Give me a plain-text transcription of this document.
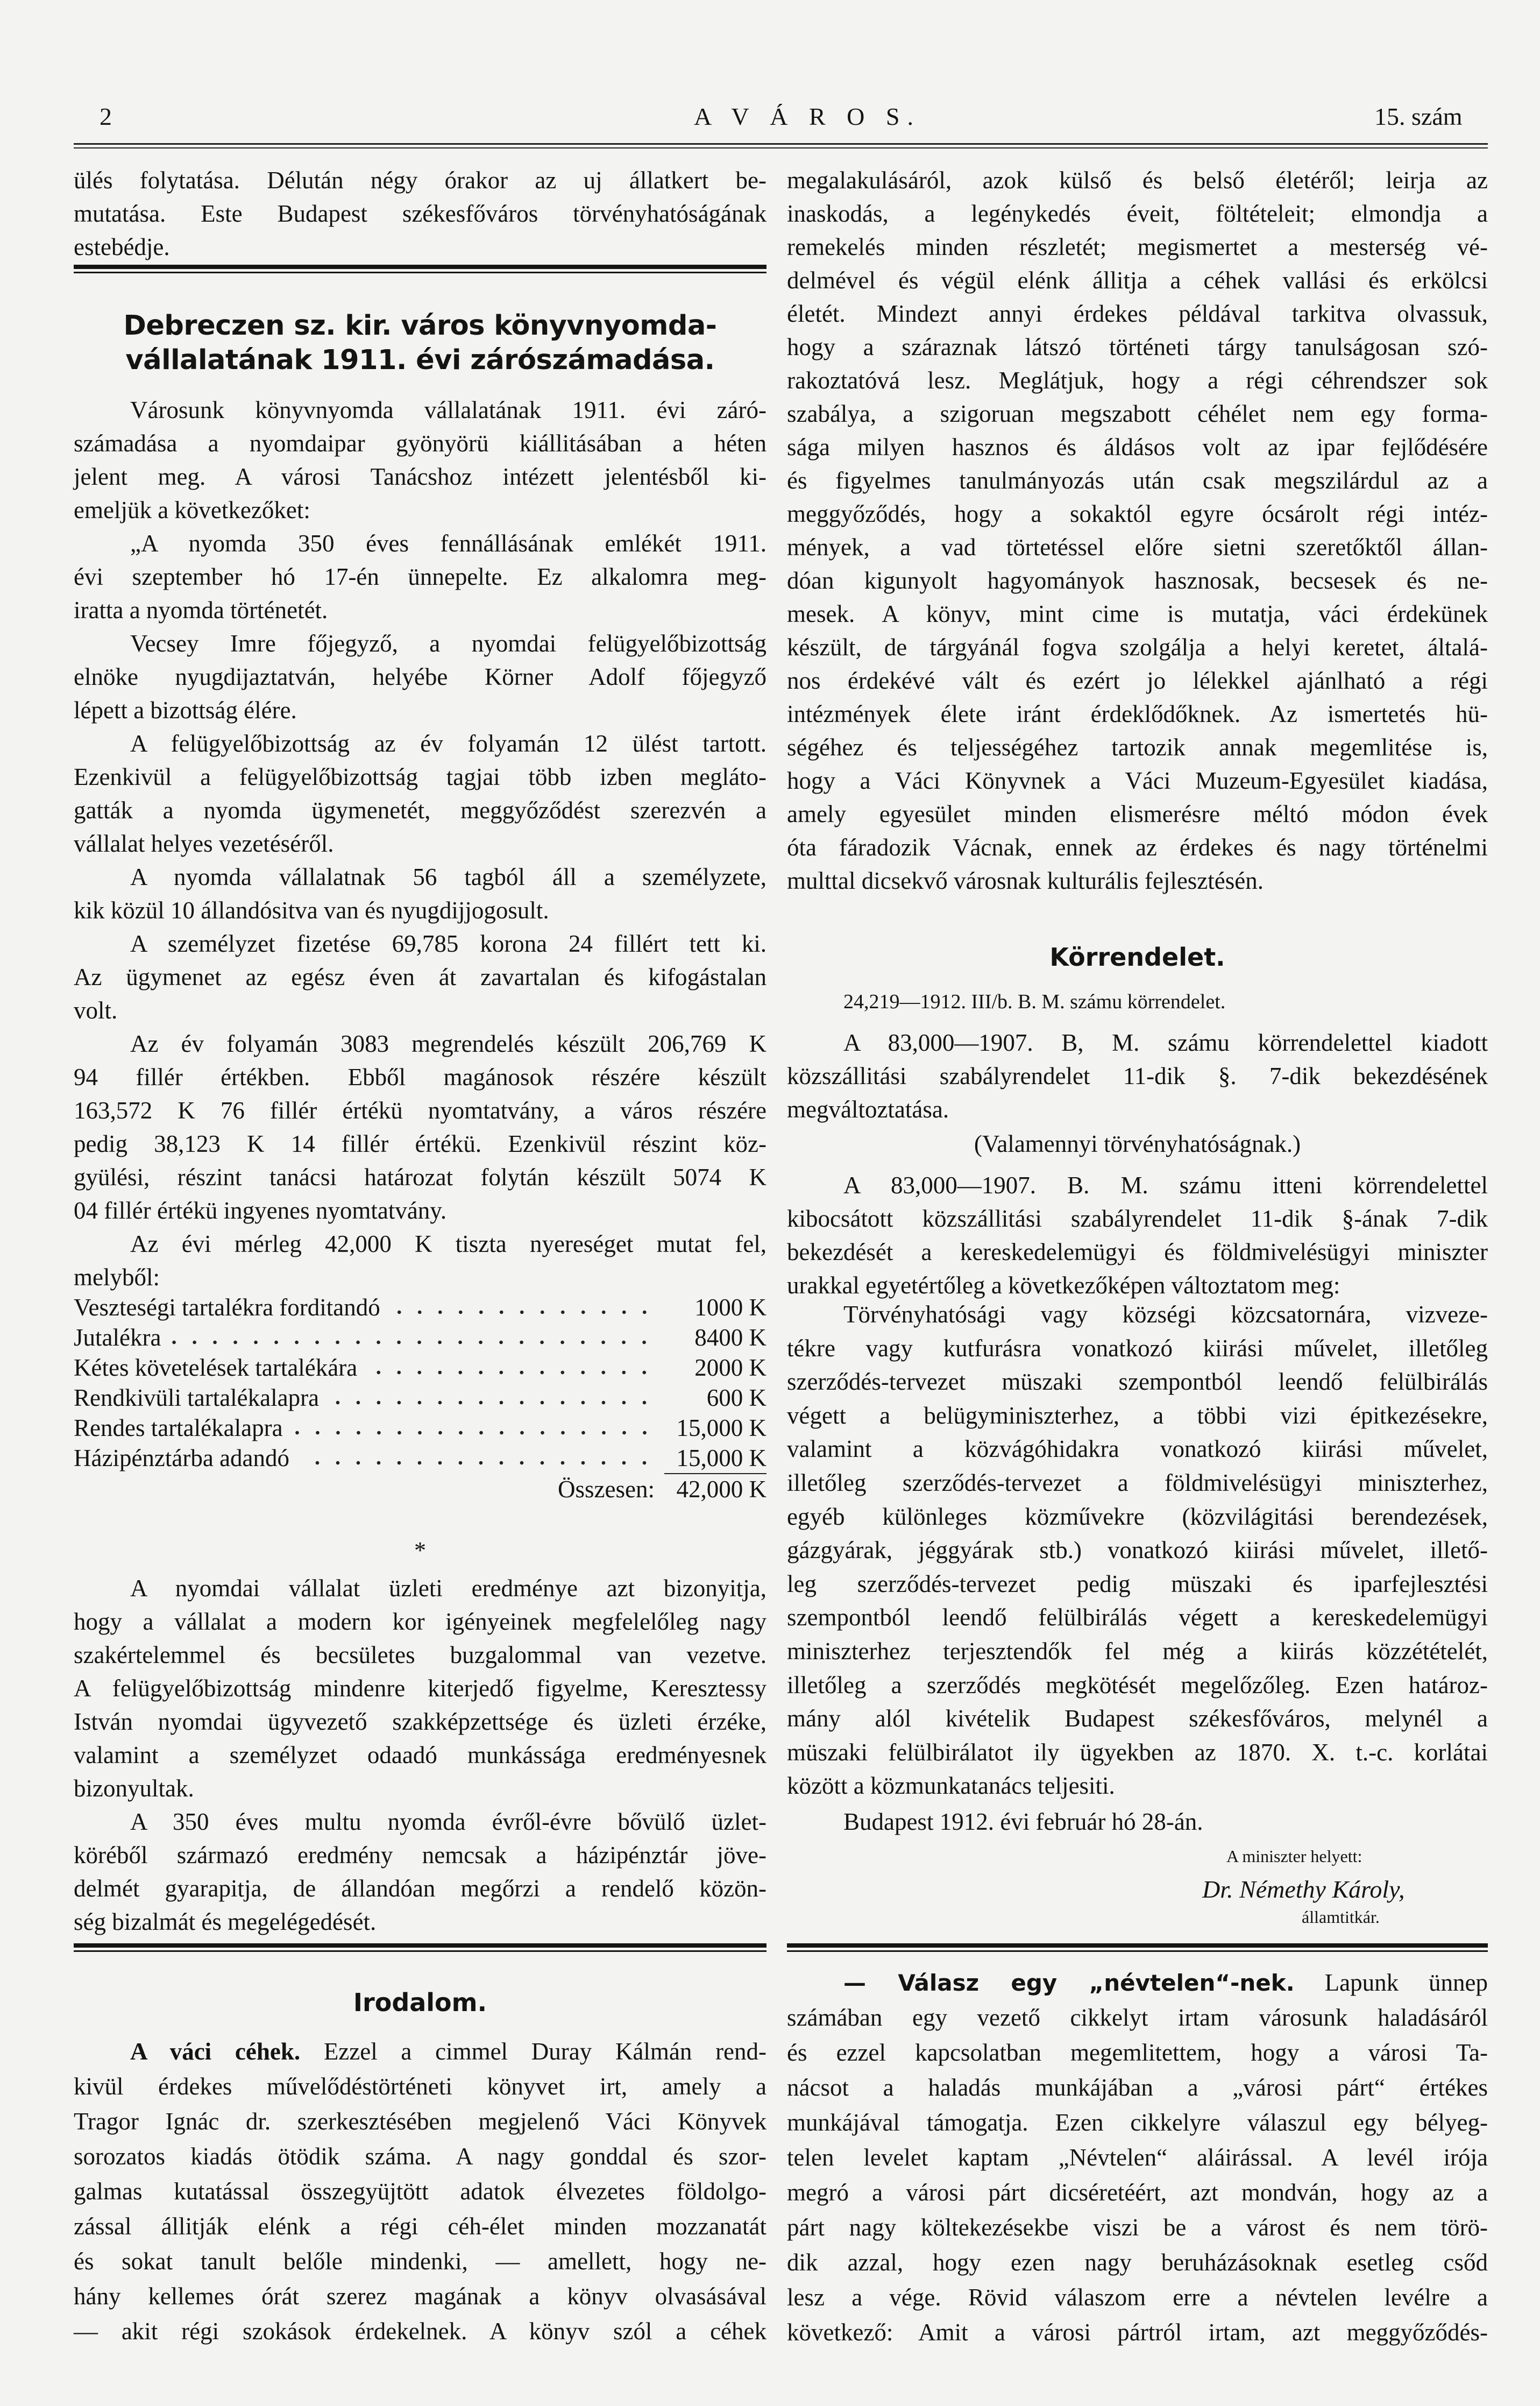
2	A V Á R O S.	15. szám
ülés folytatása. Délután négy órakor az uj állatkert be-
mutatása. Este Budapest székesfőváros törvényhatóságának
estebédje.
Debreczen sz. kir. város könyvnyomda-
vállalatának 1911. évi zárószámadása.
Városunk könyvnyomda vállalatának 1911. évi záró-
számadása a nyomdaipar gyönyörü kiállitásában a héten
jelent meg. A városi Tanácshoz intézett jelentésből ki-
emeljük a következőket:
„A nyomda 350 éves fennállásának emlékét 1911.
évi szeptember hó 17-én ünnepelte. Ez alkalomra meg-
iratta a nyomda történetét.
Vecsey Imre főjegyző, a nyomdai felügyelőbizottság
elnöke nyugdijaztatván, helyébe Körner Adolf főjegyző
lépett a bizottság élére.
A felügyelőbizottság az év folyamán 12 ülést tartott.
Ezenkivül a felügyelőbizottság tagjai több izben megláto-
gatták a nyomda ügymenetét, meggyőződést szerezvén a
vállalat helyes vezetéséről.
A nyomda vállalatnak 56 tagból áll a személyzete,
kik közül 10 állandósitva van és nyugdijjogosult.
A személyzet fizetése 69,785 korona 24 fillért tett ki.
Az ügymenet az egész éven át zavartalan és kifogástalan
volt.
Az év folyamán 3083 megrendelés készült 206,769 K
94 fillér értékben. Ebből magánosok részére készült
163,572 K 76 fillér értékü nyomtatvány, a város részére
pedig 38,123 K 14 fillér értékü. Ezenkivül részint köz-
gyülési, részint tanácsi határozat folytán készült 5074 K
04 fillér értékü ingyenes nyomtatvány.
Az évi mérleg 42,000 K tiszta nyereséget mutat fel,
melyből:
Veszteségi tartalékra forditandó	1000 K
Jutalékra	8400 K
Kétes követelések tartalékára	2000 K
Rendkivüli tartalékalapra	600 K
Rendes tartalékalapra	15,000 K
Házipénztárba adandó	15,000 K
Összesen: 42,000 K
*
A nyomdai vállalat üzleti eredménye azt bizonyitja,
hogy a vállalat a modern kor igényeinek megfelelőleg nagy
szakértelemmel és becsületes buzgalommal van vezetve.
A felügyelőbizottság mindenre kiterjedő figyelme, Keresztessy
István nyomdai ügyvezető szakképzettsége és üzleti érzéke,
valamint a személyzet odaadó munkássága eredményesnek
bizonyultak.
A 350 éves multu nyomda évről-évre bővülő üzlet-
köréből származó eredmény nemcsak a házipénztár jöve-
delmét gyarapitja, de állandóan megőrzi a rendelő közön-
ség bizalmát és megelégedését.
Irodalom.
A váci céhek. Ezzel a cimmel Duray Kálmán rend-
kivül érdekes művelődéstörténeti könyvet irt, amely a
Tragor Ignác dr. szerkesztésében megjelenő Váci Könyvek
sorozatos kiadás ötödik száma. A nagy gonddal és szor-
galmas kutatással összegyüjtött adatok élvezetes földolgo-
zással állitják elénk a régi céh-élet minden mozzanatát
és sokat tanult belőle mindenki, — amellett, hogy ne-
hány kellemes órát szerez magának a könyv olvasásával
— akit régi szokások érdekelnek. A könyv szól a céhek
megalakulásáról, azok külső és belső életéről; leirja az
inaskodás, a legénykedés éveit, föltételeit; elmondja a
remekelés minden részletét; megismertet a mesterség vé-
delmével és végül elénk állitja a céhek vallási és erkölcsi
életét. Mindezt annyi érdekes példával tarkitva olvassuk,
hogy a száraznak látszó történeti tárgy tanulságosan szó-
rakoztatóvá lesz. Meglátjuk, hogy a régi céhrendszer sok
szabálya, a szigoruan megszabott céhélet nem egy forma-
sága milyen hasznos és áldásos volt az ipar fejlődésére
és figyelmes tanulmányozás után csak megszilárdul az a
meggyőződés, hogy a sokaktól egyre ócsárolt régi intéz-
mények, a vad törtetéssel előre sietni szeretőktől állan-
dóan kigunyolt hagyományok hasznosak, becsesek és ne-
mesek. A könyv, mint cime is mutatja, váci érdekünek
készült, de tárgyánál fogva szolgálja a helyi keretet, általá-
nos érdekévé vált és ezért jo lélekkel ajánlható a régi
intézmények élete iránt érdeklődőknek. Az ismertetés hü-
ségéhez és teljességéhez tartozik annak megemlitése is,
hogy a Váci Könyvnek a Váci Muzeum-Egyesület kiadása,
amely egyesület minden elismerésre méltó módon évek
óta fáradozik Vácnak, ennek az érdekes és nagy történelmi
multtal dicsekvő városnak kulturális fejlesztésén.
Körrendelet.
24,219—1912. III/b. B. M. számu körrendelet.
A 83,000—1907. B, M. számu körrendelettel kiadott
közszállitási szabályrendelet 11-dik §. 7-dik bekezdésének
megváltoztatása.
(Valamennyi törvényhatóságnak.)
A 83,000—1907. B. M. számu itteni körrendelettel
kibocsátott közszállitási szabályrendelet 11-dik §-ának 7-dik
bekezdését a kereskedelemügyi és földmivelésügyi miniszter
urakkal egyetértőleg a következőképen változtatom meg:
Törvényhatósági vagy községi közcsatornára, vizveze-
tékre vagy kutfurásra vonatkozó kiirási művelet, illetőleg
szerződés-tervezet müszaki szempontból leendő felülbirálás
végett a belügyminiszterhez, a többi vizi épitkezésekre,
valamint a közvágóhidakra vonatkozó kiirási művelet,
illetőleg szerződés-tervezet a földmivelésügyi miniszterhez,
egyéb különleges közművekre (közvilágitási berendezések,
gázgyárak, jéggyárak stb.) vonatkozó kiirási művelet, illető-
leg szerződés-tervezet pedig müszaki és iparfejlesztési
szempontból leendő felülbirálás végett a kereskedelemügyi
miniszterhez terjesztendők fel még a kiirás közzétételét,
illetőleg a szerződés megkötését megelőzőleg. Ezen határoz-
mány alól kivételik Budapest székesfőváros, melynél a
müszaki felülbirálatot ily ügyekben az 1870. X. t.-c. korlátai
között a közmunkatanács teljesiti.
Budapest 1912. évi február hó 28-án.
A miniszter helyett:
Dr. Némethy Károly,
államtitkár.
— Válasz egy „névtelen“-nek. Lapunk ünnep
számában egy vezető cikkelyt irtam városunk haladásáról
és ezzel kapcsolatban megemlitettem, hogy a városi Ta-
nácsot a haladás munkájában a „városi párt“ értékes
munkájával támogatja. Ezen cikkelyre válaszul egy bélyeg-
telen levelet kaptam „Névtelen“ aláirással. A levél irója
megró a városi párt dicséretéért, azt mondván, hogy az a
párt nagy költekezésekbe viszi be a várost és nem törö-
dik azzal, hogy ezen nagy beruházásoknak esetleg csőd
lesz a vége. Rövid válaszom erre a névtelen levélre a
következő: Amit a városi pártról irtam, azt meggyőződés-
